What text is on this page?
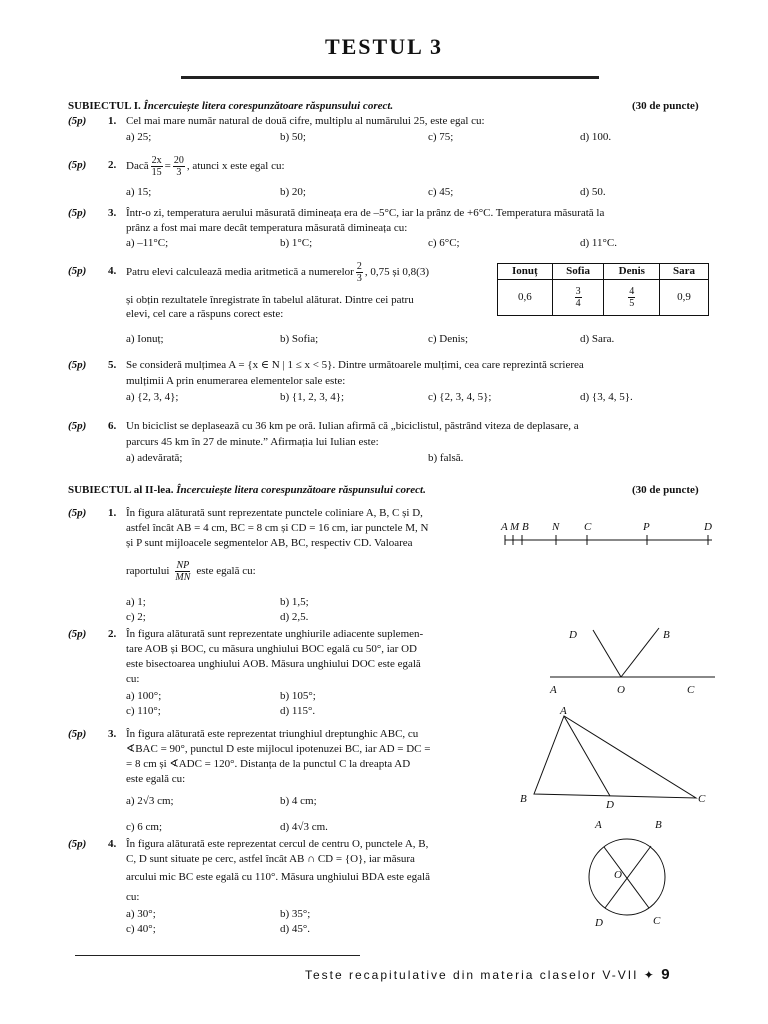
TESTUL 3
SUBIECTUL I. Încercuiește litera corespunzătoare răspunsului corect.	(30 de puncte)
(5p) 1. Cel mai mare număr natural de două cifre, multiplu al numărului 25, este egal cu:
a) 25;	b) 50;	c) 75;	d) 100.
(5p) 2. Dacă $\frac{2x}{15} = \frac{20}{3}$ , atunci x este egal cu:
a) 15;	b) 20;	c) 45;	d) 50.
(5p) 3. Într-o zi, temperatura aerului măsurată dimineața era de –5°C, iar la prânz de +6°C. Temperatura măsurată la
prânz a fost mai mare decât temperatura măsurată dimineața cu:
a) –11°C;	b) 1°C;	c) 6°C;	d) 11°C.
(5p) 4. Patru elevi calculează media aritmetică a numerelor $\frac{2}{3}$ , 0,75 și 0,8(3)
și obțin rezultatele înregistrate în tabelul alăturat. Dintre cei patru
elevi, cel care a răspuns corect este:
Ionuț	Sofia	Denis	Sara
0,6	$\frac{3}{4}$	$\frac{4}{5}$	0,9
a) Ionuț;	b) Sofia;	c) Denis;	d) Sara.
(5p) 5. Se consideră mulțimea A = {x ∈ N | 1 ≤ x < 5}. Dintre următoarele mulțimi, cea care reprezintă scrierea
mulțimii A prin enumerarea elementelor sale este:
a) {2, 3, 4};	b) {1, 2, 3, 4};	c) {2, 3, 4, 5};	d) {3, 4, 5}.
(5p) 6. Un biciclist se deplasează cu 36 km pe oră. Iulian afirmă că „biciclistul, păstrând viteza de deplasare, a
parcurs 45 km în 27 de minute.” Afirmația lui Iulian este:
a) adevărată;	b) falsă.
SUBIECTUL al II-lea. Încercuiește litera corespunzătoare răspunsului corect.	(30 de puncte)
(5p) 1. În figura alăturată sunt reprezentate punctele coliniare A, B, C și D,
astfel încât AB = 4 cm, BC = 8 cm și CD = 16 cm, iar punctele M, N
și P sunt mijloacele segmentelor AB, BC, respectiv CD. Valoarea
raportului $\frac{NP}{MN}$ este egală cu:
a) 1;	b) 1,5;
c) 2;	d) 2,5.
A M B N C	P	D
(5p) 2. În figura alăturată sunt reprezentate unghiurile adiacente suplemen-
tare AOB și BOC, cu măsura unghiului BOC egală cu 50°, iar OD
este bisectoarea unghiului AOB. Măsura unghiului DOC este egală
cu:
a) 100°;	b) 105°;
c) 110°;	d) 115°.
D	B
A	O	C
(5p) 3. În figura alăturată este reprezentat triunghiul dreptunghic ABC, cu
∢BAC = 90°, punctul D este mijlocul ipotenuzei BC, iar AD = DC =
= 8 cm și ∢ADC = 120°. Distanța de la punctul C la dreapta AD
este egală cu:
a) 2√3 cm;	b) 4 cm;
c) 6 cm;	d) 4√3 cm.
A
B	D	C
(5p) 4. În figura alăturată este reprezentat cercul de centru O, punctele A, B,
C, D sunt situate pe cerc, astfel încât AB ∩ CD = {O}, iar măsura
arcului mic BC este egală cu 110°. Măsura unghiului BDA este egală
cu:
a) 30°;	b) 35°;
c) 40°;	d) 45°.
A	B
O
D	C
Teste recapitulative din materia claselor V-VII ✦ 9
